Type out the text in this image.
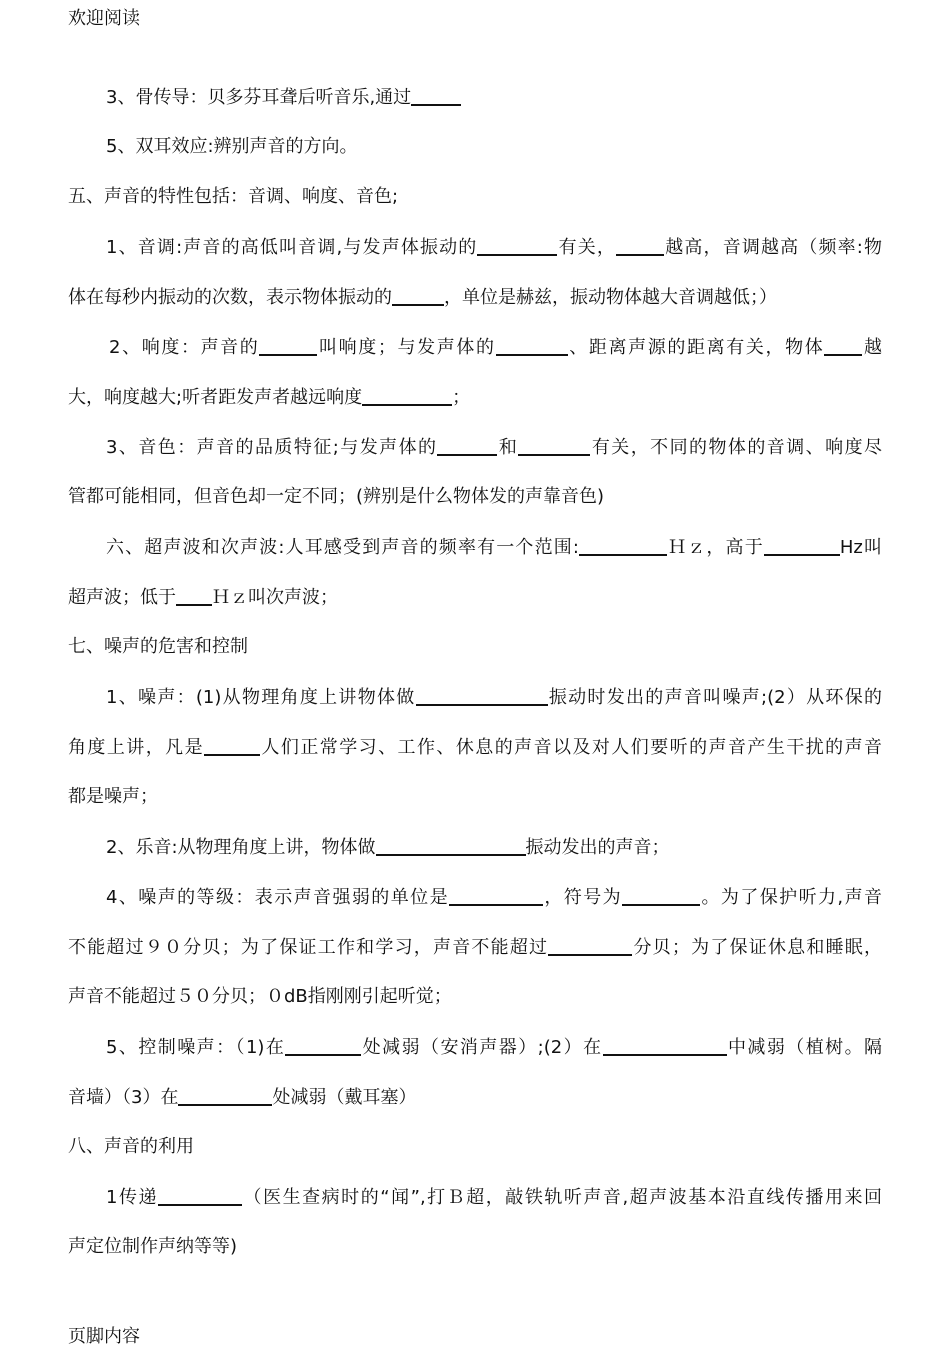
欢迎阅读
3、骨传导：贝多芬耳聋后听音乐,通过
5、双耳效应:辨别声音的方向。
五、声音的特性包括：音调、响度、音色;
1、音调:声音的高低叫音调,与发声体振动的	有关，	越高，音调越高（频率:物
体在每秒内振动的次数，表示物体振动的	，单位是赫兹，振动物体越大音调越低；）
2、响度：声音的	叫响度；与发声体的	、距离声源的距离有关，物体 越
大，响度越大;听者距发声者越远响度	；
3、音色：声音的品质特征;与发声体的	和	有关，不同的物体的音调、响度尽
管都可能相同，但音色却一定不同；(辨别是什么物体发的声靠音色)
六、超声波和次声波:人耳感受到声音的频率有一个范围:	Ｈｚ，高于	Hz叫
超声波；低于 Ｈｚ叫次声波；
七、噪声的危害和控制
1、噪声：(1)从物理角度上讲物体做	振动时发出的声音叫噪声;(2）从环保的
角度上讲，凡是	人们正常学习、工作、休息的声音以及对人们要听的声音产生干扰的声音
都是噪声；
2、乐音:从物理角度上讲，物体做	振动发出的声音；
4、噪声的等级：表示声音强弱的单位是	，符号为	。为了保护听力,声音
不能超过９０分贝；为了保证工作和学习，声音不能超过	分贝；为了保证休息和睡眠，
声音不能超过５０分贝；０dB指刚刚引起听觉；
5、控制噪声：（1)在	处减弱（安消声器）;(2）在	中减弱（植树。隔
音墙）（3）在	处减弱（戴耳塞）
八、声音的利用
1传递	（医生查病时的“闻”,打Ｂ超，敲铁轨听声音,超声波基本沿直线传播用来回
声定位制作声纳等等)
页脚内容
